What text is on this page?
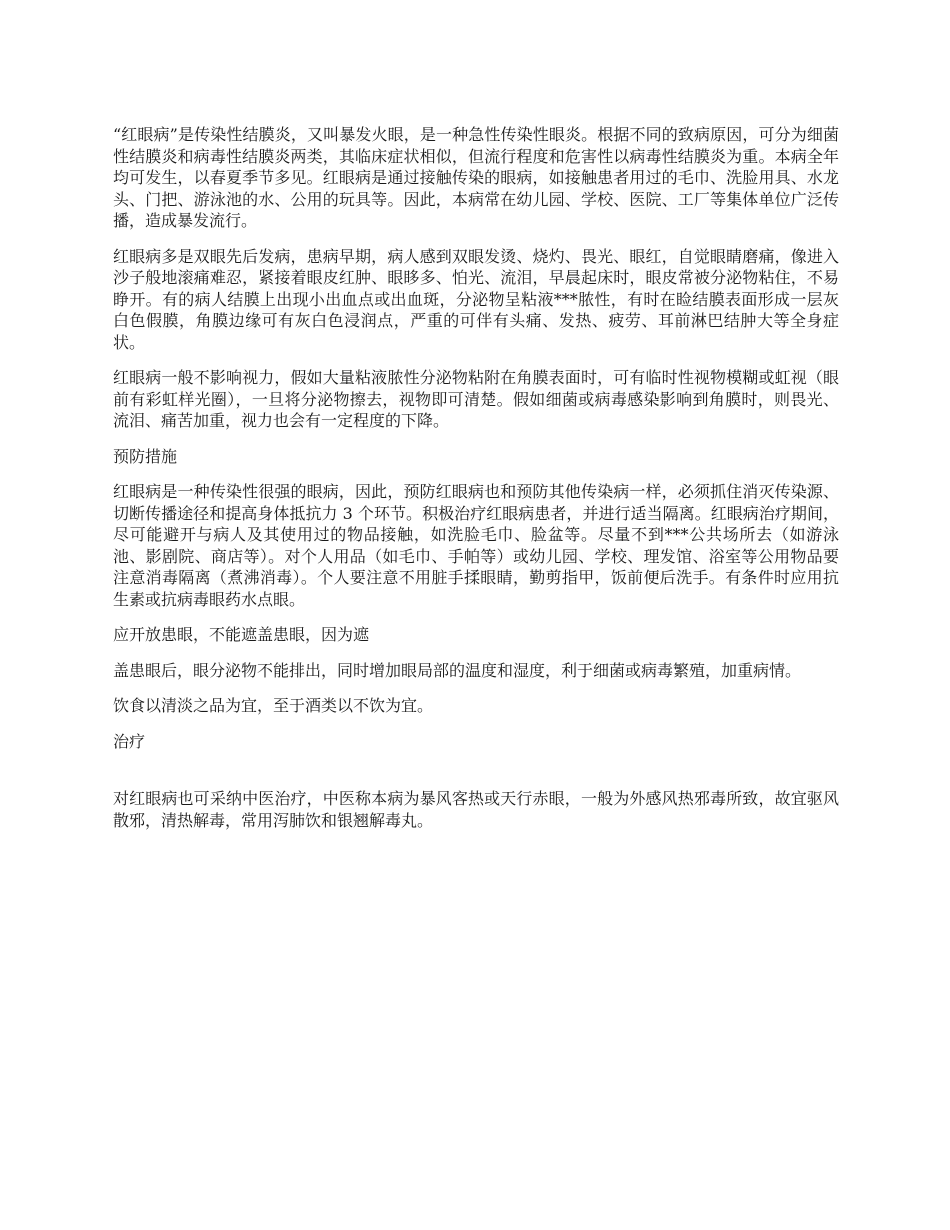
“红眼病”是传染性结膜炎，又叫暴发火眼，是一种急性传染性眼炎。根据不同的致病原因，可分为细菌性结膜炎和病毒性结膜炎两类，其临床症状相似，但流行程度和危害性以病毒性结膜炎为重。本病全年均可发生，以春夏季节多见。红眼病是通过接触传染的眼病，如接触患者用过的毛巾、洗脸用具、水龙头、门把、游泳池的水、公用的玩具等。因此，本病常在幼儿园、学校、医院、工厂等集体单位广泛传播，造成暴发流行。

红眼病多是双眼先后发病，患病早期，病人感到双眼发烫、烧灼、畏光、眼红，自觉眼睛磨痛，像进入沙子般地滚痛难忍，紧接着眼皮红肿、眼眵多、怕光、流泪，早晨起床时，眼皮常被分泌物粘住，不易睁开。有的病人结膜上出现小出血点或出血斑，分泌物呈粘液***脓性，有时在睑结膜表面形成一层灰白色假膜，角膜边缘可有灰白色浸润点，严重的可伴有头痛、发热、疲劳、耳前淋巴结肿大等全身症状。

红眼病一般不影响视力，假如大量粘液脓性分泌物粘附在角膜表面时，可有临时性视物模糊或虹视（眼前有彩虹样光圈），一旦将分泌物擦去，视物即可清楚。假如细菌或病毒感染影响到角膜时，则畏光、流泪、痛苦加重，视力也会有一定程度的下降。

预防措施

红眼病是一种传染性很强的眼病，因此，预防红眼病也和预防其他传染病一样，必须抓住消灭传染源、切断传播途径和提高身体抵抗力 3 个环节。积极治疗红眼病患者，并进行适当隔离。红眼病治疗期间，尽可能避开与病人及其使用过的物品接触，如洗脸毛巾、脸盆等。尽量不到***公共场所去（如游泳池、影剧院、商店等）。对个人用品（如毛巾、手帕等）或幼儿园、学校、理发馆、浴室等公用物品要注意消毒隔离（煮沸消毒）。个人要注意不用脏手揉眼睛，勤剪指甲，饭前便后洗手。有条件时应用抗生素或抗病毒眼药水点眼。

应开放患眼，不能遮盖患眼，因为遮

盖患眼后，眼分泌物不能排出，同时增加眼局部的温度和湿度，利于细菌或病毒繁殖，加重病情。

饮食以清淡之品为宜，至于酒类以不饮为宜。

治疗

对红眼病也可采纳中医治疗，中医称本病为暴风客热或天行赤眼，一般为外感风热邪毒所致，故宜驱风散邪，清热解毒，常用泻肺饮和银翘解毒丸。
